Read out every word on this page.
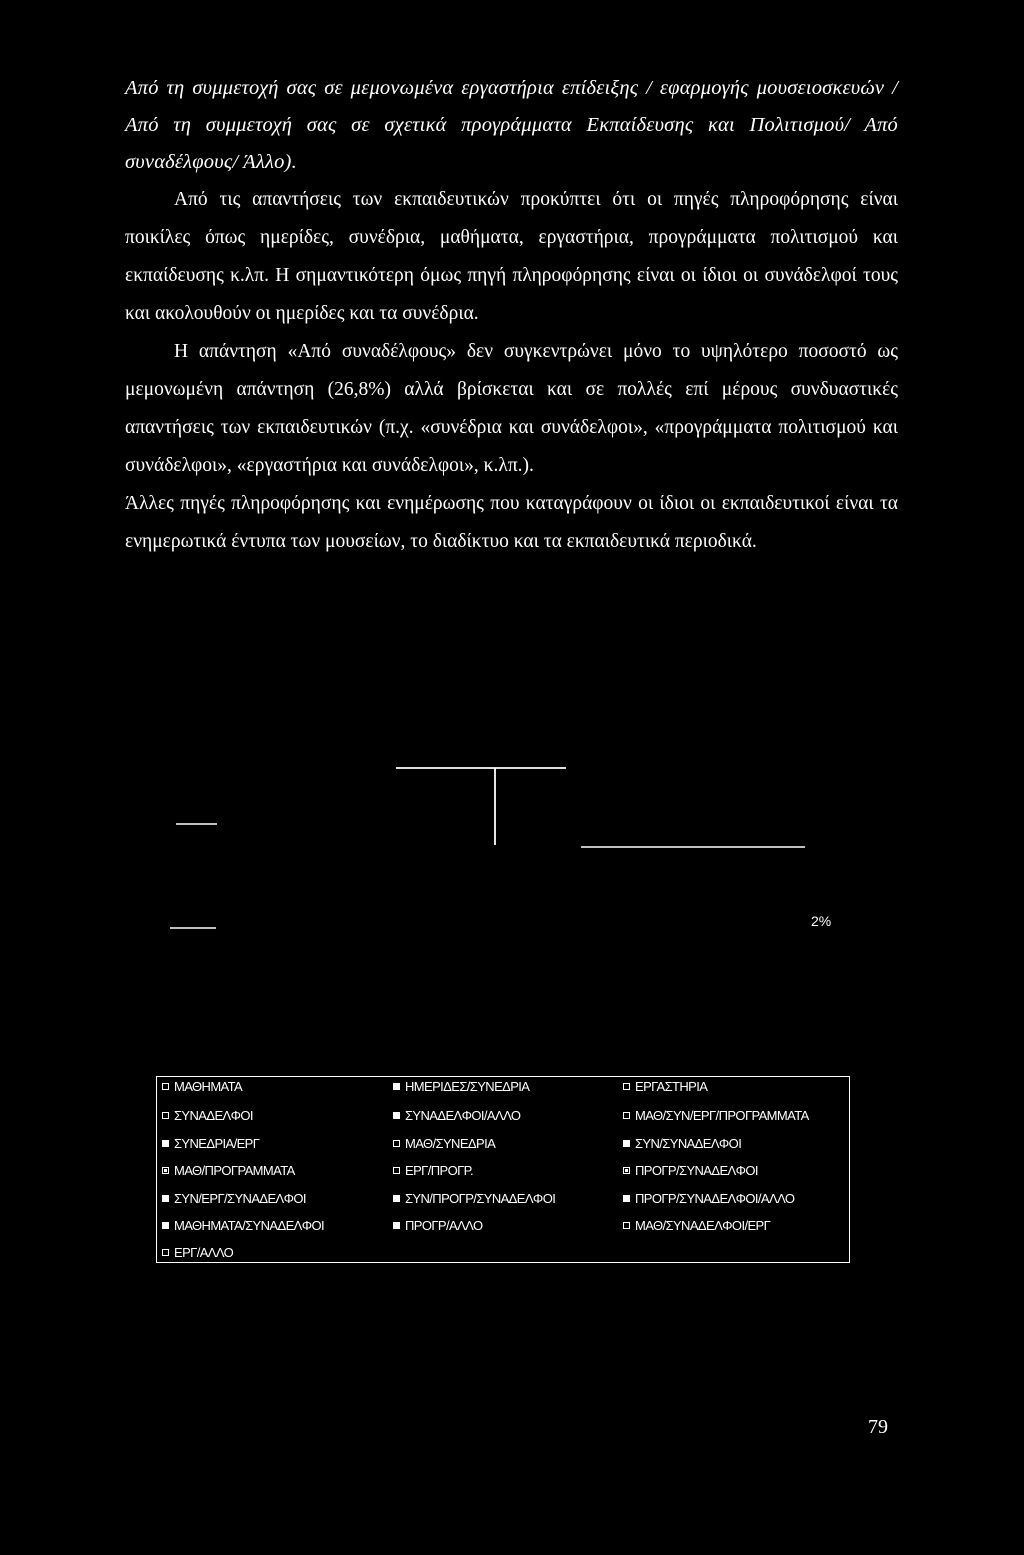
Από τη συμμετοχή σας σε μεμονωμένα εργαστήρια επίδειξης / εφαρμογής μουσειοσκευών /Από τη συμμετοχή σας σε σχετικά προγράμματα Εκπαίδευσης και Πολιτισμού/ Από συναδέλφους/ Άλλο).

Από τις απαντήσεις των εκπαιδευτικών προκύπτει ότι οι πηγές πληροφόρησης είναι ποικίλες όπως ημερίδες, συνέδρια, μαθήματα, εργαστήρια, προγράμματα πολιτισμού και εκπαίδευσης κ.λπ. Η σημαντικότερη όμως πηγή πληροφόρησης είναι οι ίδιοι οι συνάδελφοί τους και ακολουθούν οι ημερίδες και τα συνέδρια.

Η απάντηση «Από συναδέλφους» δεν συγκεντρώνει μόνο το υψηλότερο ποσοστό ως μεμονωμένη απάντηση (26,8%) αλλά βρίσκεται και σε πολλές επί μέρους συνδυαστικές απαντήσεις των εκπαιδευτικών (π.χ. «συνέδρια και συνάδελφοι», «προγράμματα πολιτισμού και συνάδελφοι», «εργαστήρια και συνάδελφοι», κ.λπ.).

Άλλες πηγές πληροφόρησης και ενημέρωσης που καταγράφουν οι ίδιοι οι εκπαιδευτικοί είναι τα ενημερωτικά έντυπα των μουσείων, το διαδίκτυο και τα εκπαιδευτικά περιοδικά.

2%
ΜΑΘΗΜΑΤΑ	ΗΜΕΡΙΔΕΣ/ΣΥΝΕΔΡΙΑ	ΕΡΓΑΣΤΗΡΙΑ
ΣΥΝΑΔΕΛΦΟΙ	ΣΥΝΑΔΕΛΦΟΙ/ΑΛΛΟ	ΜΑΘ/ΣΥΝ/ΕΡΓ/ΠΡΟΓΡΑΜΜΑΤΑ
ΣΥΝΕΔΡΙΑ/ΕΡΓ	ΜΑΘ/ΣΥΝΕΔΡΙΑ	ΣΥΝ/ΣΥΝΑΔΕΛΦΟΙ
ΜΑΘ/ΠΡΟΓΡΑΜΜΑΤΑ	ΕΡΓ/ΠΡΟΓΡ.	ΠΡΟΓΡ/ΣΥΝΑΔΕΛΦΟΙ
ΣΥΝ/ΕΡΓ/ΣΥΝΑΔΕΛΦΟΙ	ΣΥΝ/ΠΡΟΓΡ/ΣΥΝΑΔΕΛΦΟΙ	ΠΡΟΓΡ/ΣΥΝΑΔΕΛΦΟΙ/ΑΛΛΟ
ΜΑΘΗΜΑΤΑ/ΣΥΝΑΔΕΛΦΟΙ	ΠΡΟΓΡ/ΑΛΛΟ	ΜΑΘ/ΣΥΝΑΔΕΛΦΟΙ/ΕΡΓ
ΕΡΓ/ΑΛΛΟ
79
